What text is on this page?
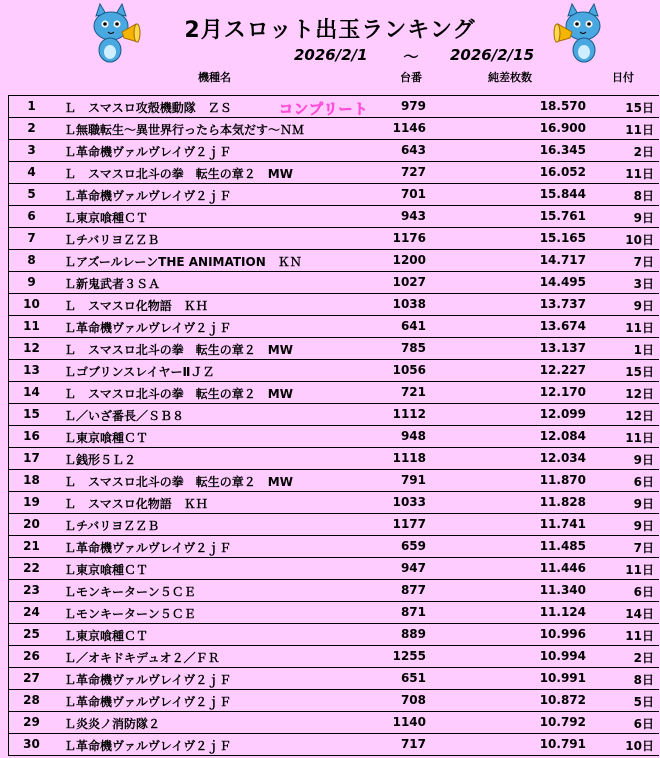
2月スロット出玉ランキング
2026/2/1 〜 2026/2/15
機種名	台番	純差枚数	日付
1	Ｌ　スマスロ攻殻機動隊　ＺＳ	979	18.570	15日
コンプリート
2	Ｌ無職転生〜異世界行ったら本気だす〜ＮＭ	1146	16.900	11日
3	Ｌ革命機ヴァルヴレイヴ２ｊＦ	643	16.345	2日
4	Ｌ　スマスロ北斗の拳　転生の章２　MW	727	16.052	11日
5	Ｌ革命機ヴァルヴレイヴ２ｊＦ	701	15.844	8日
6	Ｌ東京喰種ＣＴ	943	15.761	9日
7	ＬチバリヨＺＺＢ	1176	15.165	10日
8	ＬアズールレーンTHE ANIMATION　ＫＮ	1200	14.717	7日
9	Ｌ新鬼武者３ＳＡ	1027	14.495	3日
10	Ｌ　スマスロ化物語　ＫＨ	1038	13.737	9日
11	Ｌ革命機ヴァルヴレイヴ２ｊＦ	641	13.674	11日
12	Ｌ　スマスロ北斗の拳　転生の章２　MW	785	13.137	1日
13	ＬゴブリンスレイヤーⅡＪＺ	1056	12.227	15日
14	Ｌ　スマスロ北斗の拳　転生の章２　MW	721	12.170	12日
15	Ｌ／いざ番長／ＳＢ８	1112	12.099	12日
16	Ｌ東京喰種ＣＴ	948	12.084	11日
17	Ｌ銭形５Ｌ２	1118	12.034	9日
18	Ｌ　スマスロ北斗の拳　転生の章２　MW	791	11.870	6日
19	Ｌ　スマスロ化物語　ＫＨ	1033	11.828	9日
20	ＬチバリヨＺＺＢ	1177	11.741	9日
21	Ｌ革命機ヴァルヴレイヴ２ｊＦ	659	11.485	7日
22	Ｌ東京喰種ＣＴ	947	11.446	11日
23	Ｌモンキーターン５ＣＥ	877	11.340	6日
24	Ｌモンキーターン５ＣＥ	871	11.124	14日
25	Ｌ東京喰種ＣＴ	889	10.996	11日
26	Ｌ／オキドキデュオ２／ＦＲ	1255	10.994	2日
27	Ｌ革命機ヴァルヴレイヴ２ｊＦ	651	10.991	8日
28	Ｌ革命機ヴァルヴレイヴ２ｊＦ	708	10.872	5日
29	Ｌ炎炎ノ消防隊２	1140	10.792	6日
30	Ｌ革命機ヴァルヴレイヴ２ｊＦ	717	10.791	10日
